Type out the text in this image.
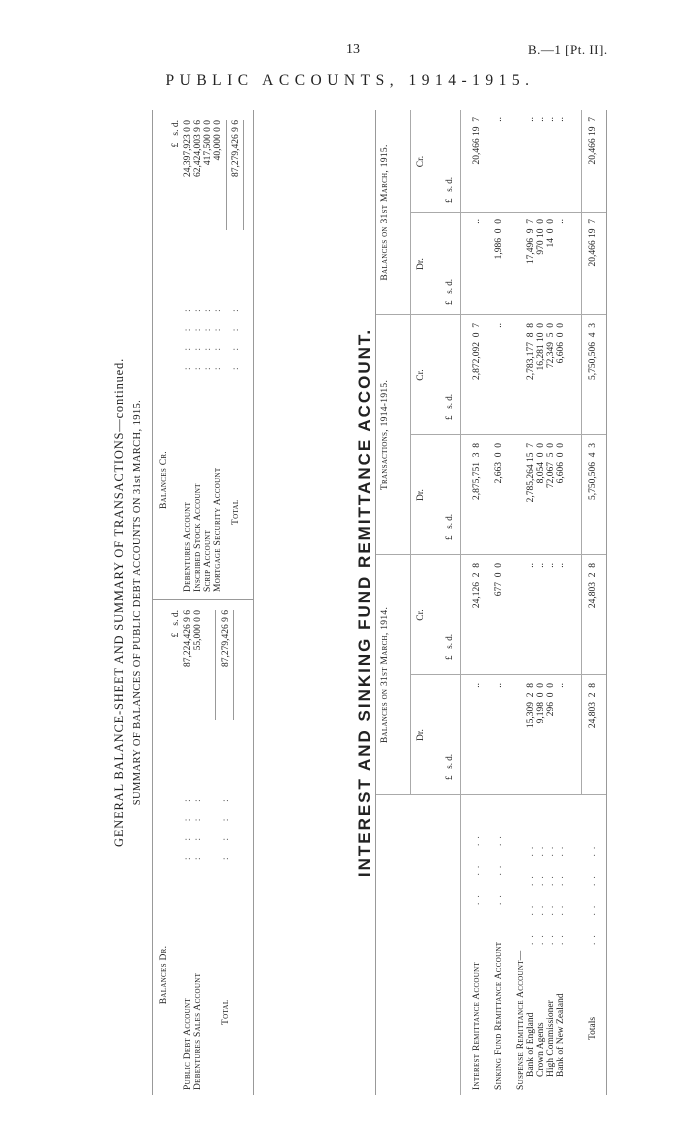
13	B.—1 [Pt. II].
PUBLIC ACCOUNTS, 1914-1915.
GENERAL BALANCE-SHEET AND SUMMARY OF TRANSACTIONS—continued. SUMMARY OF BALANCES OF PUBLIC DEBT ACCOUNTS ON 31st MARCH, 1915.
Balances Dr.
£   s. d.
Public Debt Account
:  :  :  :
87,224,426 9 6
Debentures Sales Account
:  :  :  :
55,000 0 0
Total
:  :  :  :
87,279,426 9 6
Balances Cr.
£   s. d.
Debentures Account
:  :  :  :
24,397,923 0 0
Inscribed Stock Account
:  :  :  :
62,424,003 9 6
Scrip Account
:  :  :  :
417,500 0 0
Mortgage Security Account
:  :  :  :
40,000 0 0
Total
:  :  :  :
87,279,426 9 6
INTEREST AND SINKING FUND REMITTANCE ACCOUNT. Balances on 31st March, 1914.
Transactions, 1914-1915.
Balances on 31st March, 1915.
Dr.
Cr.
Dr.
Cr.
Dr.
Cr.
£   s. d.
£   s. d.
£   s. d.
£   s. d.
£   s. d.
£   s. d.
Interest Remittance Account
..  ..  ..
..
24,126  2  8
2,875,751  3  8
2,872,092  0  7
..
20,466 19  7
Sinking Fund Remittance Account
..  ..  ..
..
677  0  0
2,663  0  0
..
1,986  0  0
..
Suspense Remittance Account— Bank of England
..  ..  ..  ..
15,309  2  8
..
2,785,264 15  7
2,783,177  8  8
17,496  9  7
..
Crown Agents
..  ..  ..  ..
9,198  0  0
..
8,054  0  0
16,281 10  0
970 10  0
..
High Commissioner
..  ..  ..  ..
296  0  0
..
72,067  5  0
72,349  5  0
14  0  0
..
Bank of New Zealand
..  ..  ..  ..
..
..
6,606  0  0
6,606  0  0
..
..
Totals
..  ..  ..  ..
24,803  2  8
24,803  2  8
5,750,506  4  3
5,750,506  4  3
20,466 19  7
20,466 19  7
